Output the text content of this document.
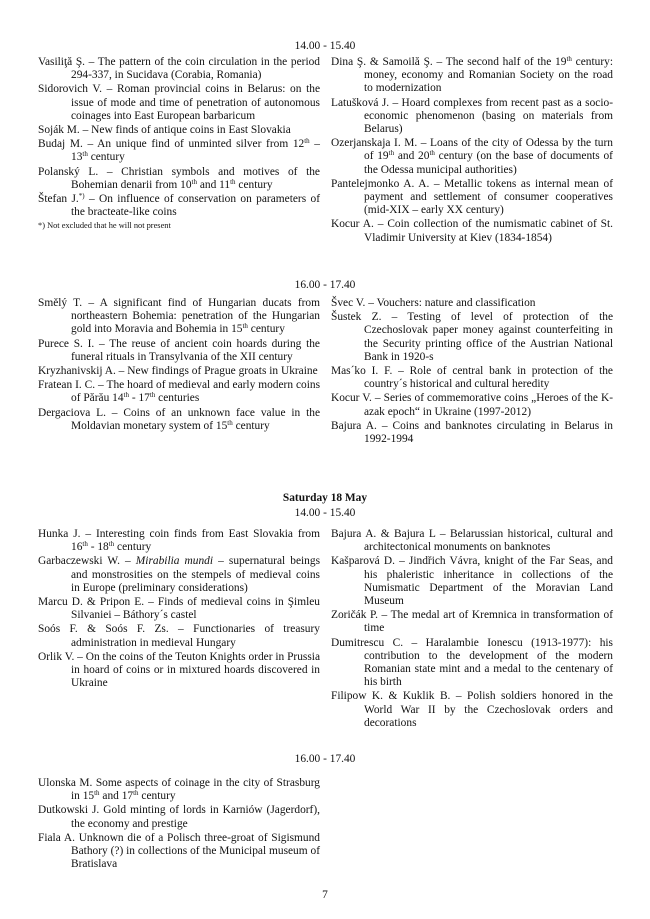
14.00 - 15.40
Vasiliţă Ş. – The pattern of the coin circulation in the period 294-337, in Sucidava (Corabia, Romania)
Sidorovich V. – Roman provincial coins in Belarus: on the issue of mode and time of penetration of autonomous coinages into East European barbaricum
Soják M. – New finds of antique coins in East Slovakia
Budaj M. – An unique find of unminted silver from 12th – 13th century
Polanský L. – Christian symbols and motives of the Bohemian denarii from 10th and 11th century
Štefan J.*) – On influence of conservation on parameters of the bracteate-like coins
*) Not excluded that he will not present
Dina Ş. & Samoilă Ş. – The second half of the 19th century: money, economy and Romanian Society on the road to modernization
Latušková J. – Hoard complexes from recent past as a socio-economic phenomenon (basing on materials from Belarus)
Ozerjanskaja I. M. – Loans of the city of Odessa by the turn of 19th and 20th century (on the base of documents of the Odessa municipal authorities)
Pantelejmonko A. A. – Metallic tokens as internal mean of payment and settlement of consumer cooperatives (mid-XIX – early XX century)
Kocur A. – Coin collection of the numismatic cabinet of St. Vladimir University at Kiev (1834-1854)
16.00 - 17.40
Smělý T. – A significant find of Hungarian ducats from northeastern Bohemia: penetration of the Hungarian gold into Moravia and Bohemia in 15th century
Purece S. I. – The reuse of ancient coin hoards during the funeral rituals in Transylvania of the XII century
Kryzhanivskij A. – New findings of Prague groats in Ukraine
Fratean I. C. – The hoard of medieval and early modern coins of Părău 14th - 17th centuries
Dergaciova L. – Coins of an unknown face value in the Moldavian monetary system of 15th century
Švec V. – Vouchers: nature and classification
Šustek Z. – Testing of level of protection of the Czechoslovak paper money against counterfeiting in the Security printing office of the Austrian National Bank in 1920-s
Mas´ko I. F. – Role of central bank in protection of the country´s historical and cultural heredity
Kocur V. – Series of commemorative coins „Heroes of the K-azak epoch“ in Ukraine (1997-2012)
Bajura A. – Coins and banknotes circulating in Belarus in 1992-1994
Saturday 18 May
14.00 - 15.40
Hunka J. – Interesting coin finds from East Slovakia from 16th - 18th century
Garbaczewski W. – Mirabilia mundi – supernatural beings and monstrosities on the stempels of medieval coins in Europe (preliminary considerations)
Marcu D. & Pripon E. – Finds of medieval coins in Şimleu Silvaniei – Báthory´s castel
Soós F. & Soós F. Zs. – Functionaries of treasury administration in medieval Hungary
Orlik V. – On the coins of the Teuton Knights order in Prussia in hoard of coins or in mixtured hoards discovered in Ukraine
Bajura A. & Bajura L – Belarussian historical, cultural and architectonical monuments on banknotes
Kašparová D. – Jindřich Vávra, knight of the Far Seas, and his phaleristic inheritance in collections of the Numismatic Department of the Moravian Land Museum
Zoričák P. – The medal art of Kremnica in transformation of time
Dumitrescu C. – Haralambie Ionescu (1913-1977): his contribution to the development of the modern Romanian state mint and a medal to the centenary of his birth
Filipow K. & Kuklik B. – Polish soldiers honored in the World War II by the Czechoslovak orders and decorations
16.00 - 17.40
Ulonska M. Some aspects of coinage in the city of Strasburg in 15th and 17th century
Dutkowski J. Gold minting of lords in Karniów (Jagerdorf), the economy and prestige
Fiala A. Unknown die of a Polisch three-groat of Sigismund Bathory (?) in collections of the Municipal museum of Bratislava
7
